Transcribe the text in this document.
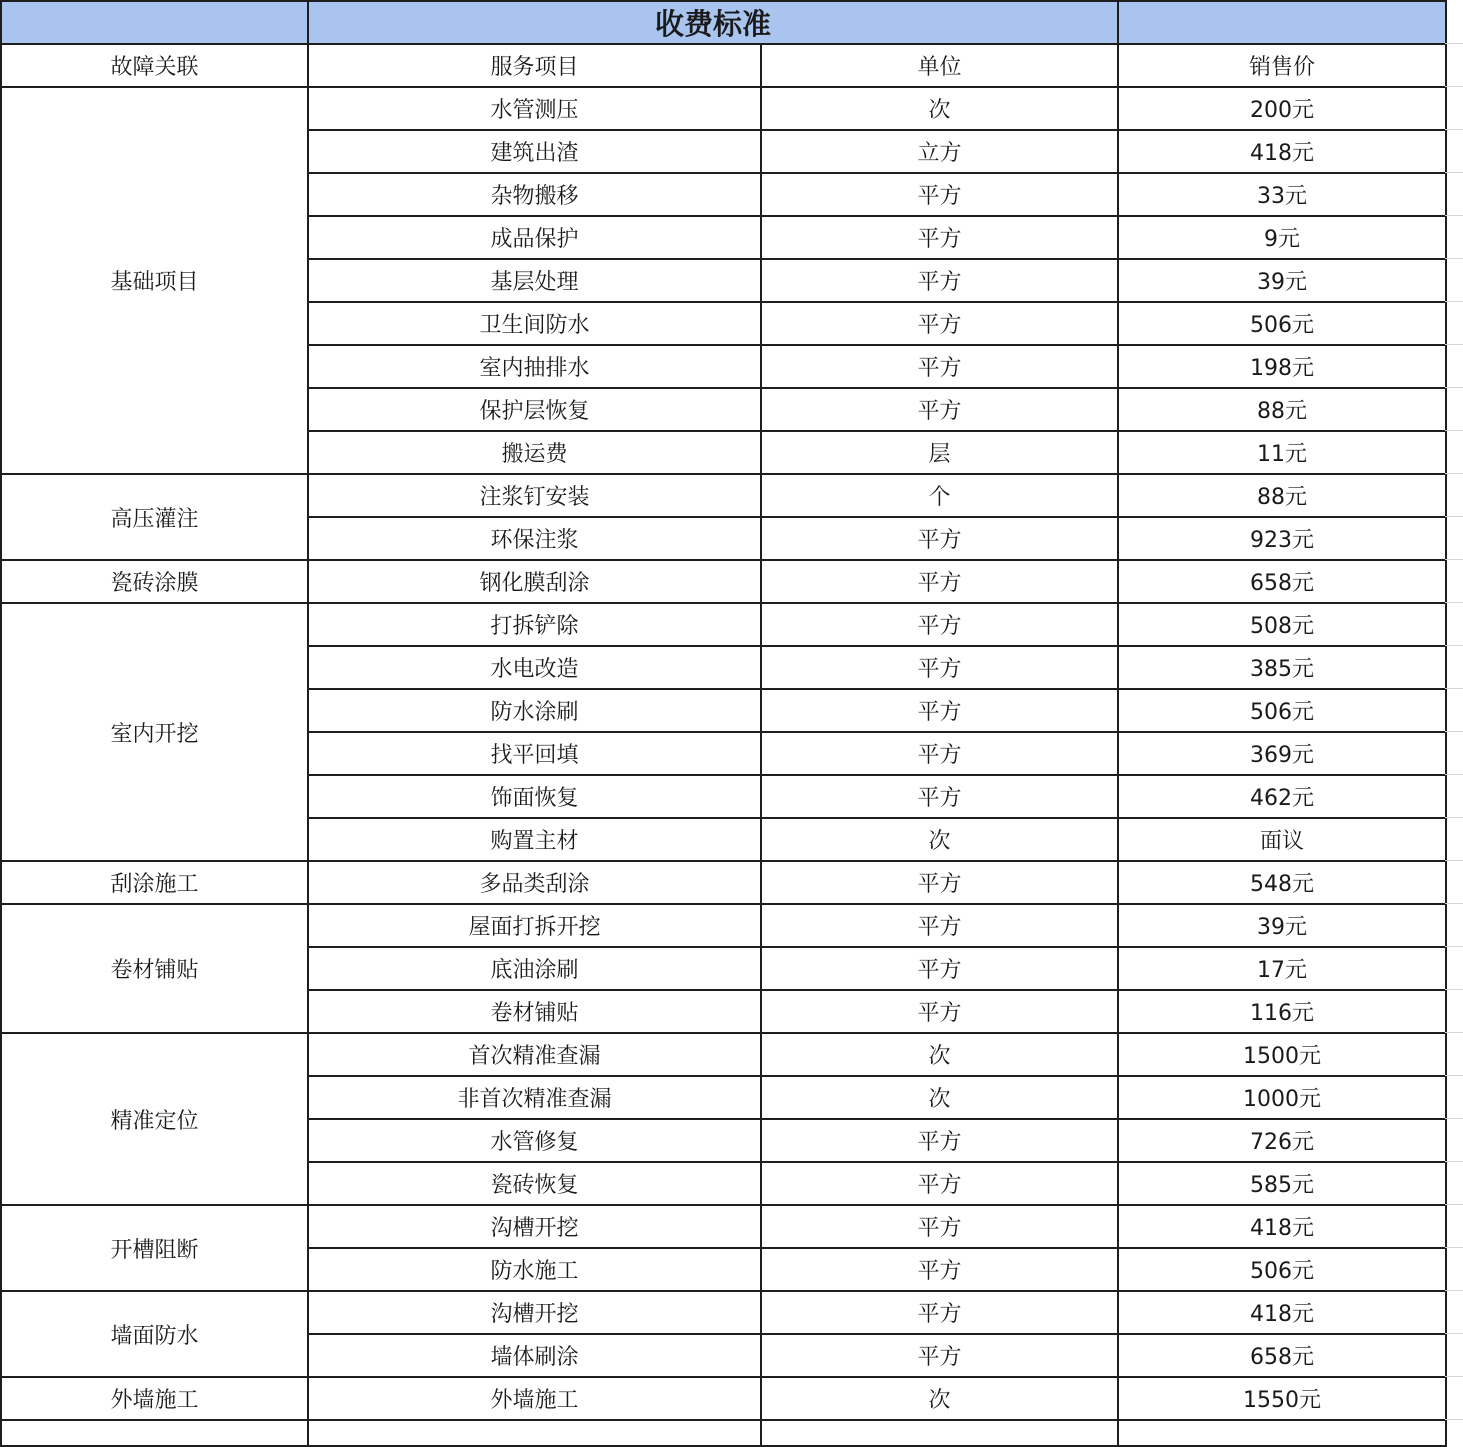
	收费标准		
故障关联	服务项目	单位	销售价
基础项目	水管测压	次	200元
	建筑出渣	立方	418元
	杂物搬移	平方	33元
	成品保护	平方	9元
	基层处理	平方	39元
	卫生间防水	平方	506元
	室内抽排水	平方	198元
	保护层恢复	平方	88元
	搬运费	层	11元
高压灌注	注浆钉安装	个	88元
	环保注浆	平方	923元
瓷砖涂膜	钢化膜刮涂	平方	658元
室内开挖	打拆铲除	平方	508元
	水电改造	平方	385元
	防水涂刷	平方	506元
	找平回填	平方	369元
	饰面恢复	平方	462元
	购置主材	次	面议
刮涂施工	多品类刮涂	平方	548元
卷材铺贴	屋面打拆开挖	平方	39元
	底油涂刷	平方	17元
	卷材铺贴	平方	116元
精准定位	首次精准查漏	次	1500元
	非首次精准查漏	次	1000元
	水管修复	平方	726元
	瓷砖恢复	平方	585元
开槽阻断	沟槽开挖	平方	418元
	防水施工	平方	506元
墙面防水	沟槽开挖	平方	418元
	墙体刷涂	平方	658元
外墙施工	外墙施工	次	1550元
